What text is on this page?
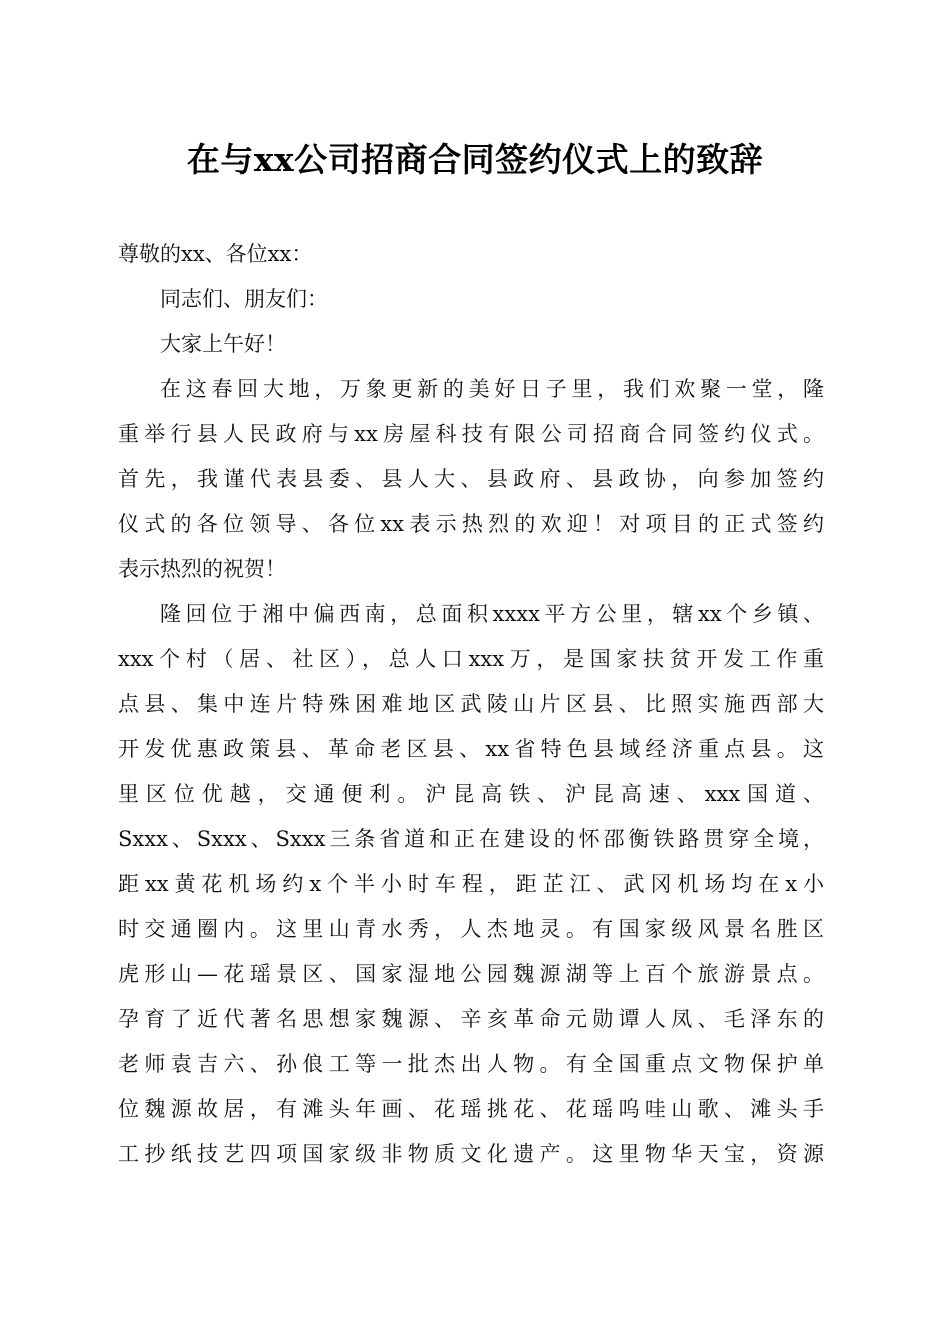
在与xx公司招商合同签约仪式上的致辞
尊敬的xx、各位xx：
同志们、朋友们：
大家上午好！
在这春回大地，万象更新的美好日子里，我们欢聚一堂，隆
重举行县人民政府与xx房屋科技有限公司招商合同签约仪式。
首先，我谨代表县委、县人大、县政府、县政协，向参加签约
仪式的各位领导、各位xx表示热烈的欢迎！对项目的正式签约
表示热烈的祝贺！
隆回位于湘中偏西南，总面积xxxx平方公里，辖xx个乡镇、
xxx个村（居、社区），总人口xxx万，是国家扶贫开发工作重
点县、集中连片特殊困难地区武陵山片区县、比照实施西部大
开发优惠政策县、革命老区县、xx省特色县域经济重点县。这
里区位优越，交通便利。沪昆高铁、沪昆高速、xxx国道、
Sxxx、Sxxx、Sxxx三条省道和正在建设的怀邵衡铁路贯穿全境，
距xx黄花机场约x个半小时车程，距芷江、武冈机场均在x小
时交通圈内。这里山青水秀，人杰地灵。有国家级风景名胜区
虎形山—花瑶景区、国家湿地公园魏源湖等上百个旅游景点。
孕育了近代著名思想家魏源、辛亥革命元勋谭人凤、毛泽东的
老师袁吉六、孙俍工等一批杰出人物。有全国重点文物保护单
位魏源故居，有滩头年画、花瑶挑花、花瑶呜哇山歌、滩头手
工抄纸技艺四项国家级非物质文化遗产。这里物华天宝，资源
